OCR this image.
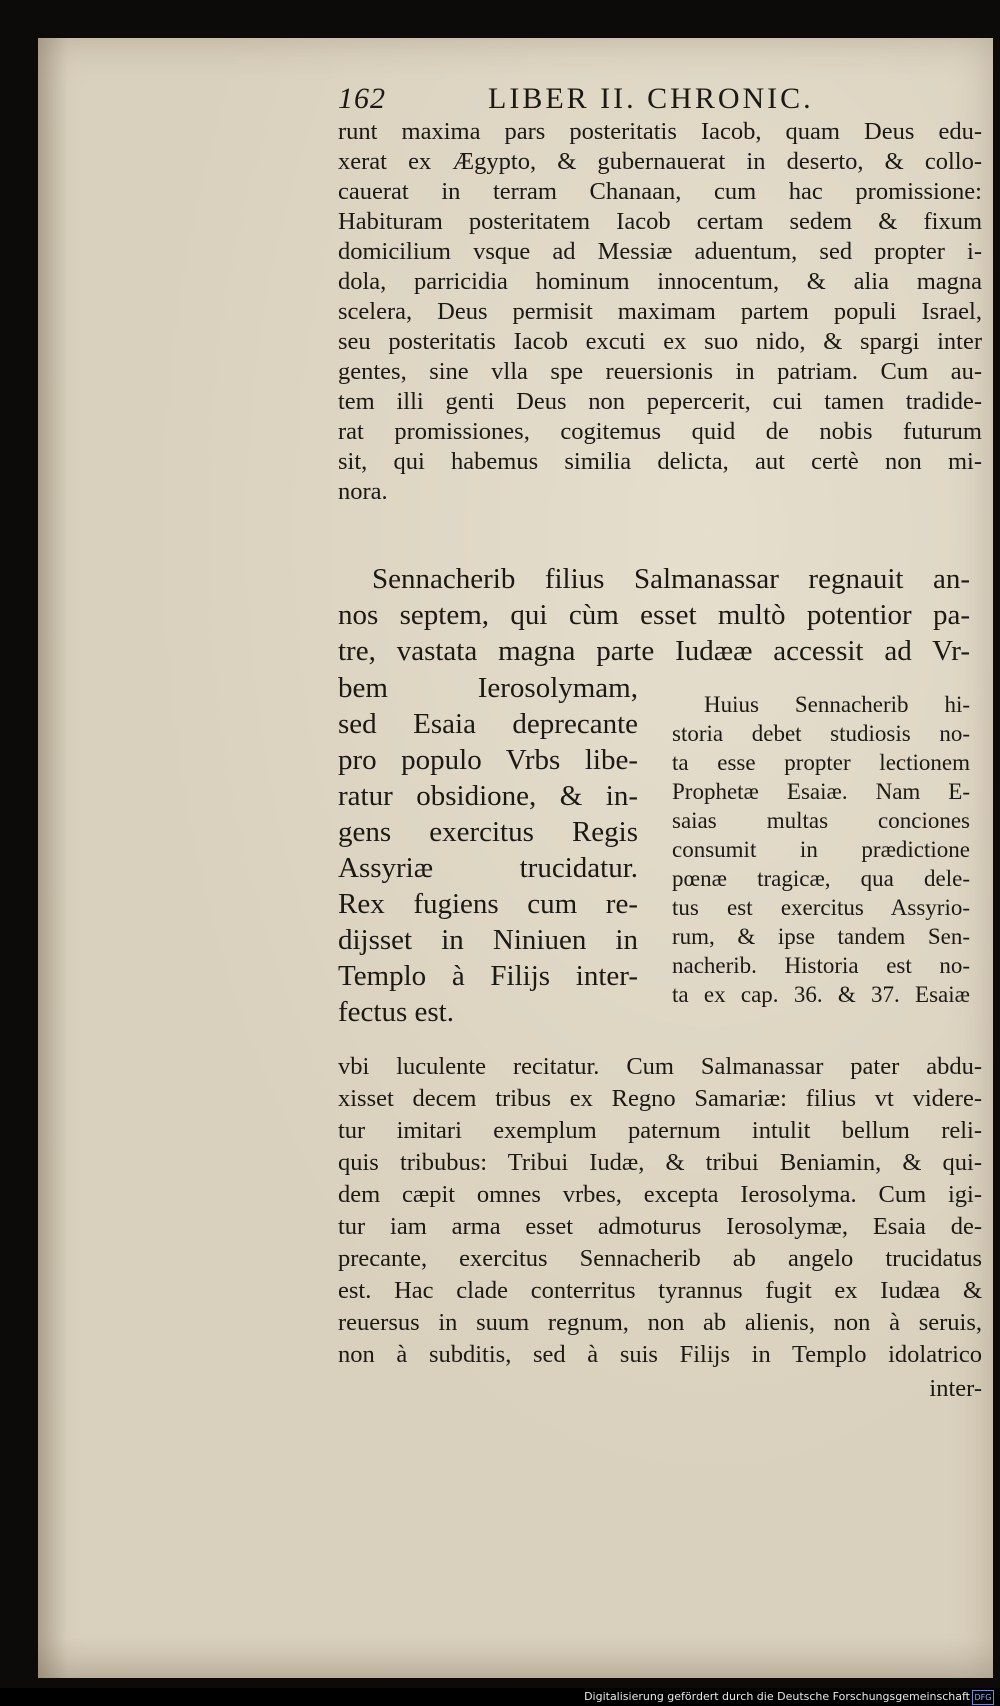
162	LIBER II. CHRONIC.
runt maxima pars posteritatis Iacob, quam Deus edu-
xerat ex Ægypto, & gubernauerat in deserto, & collo-
cauerat in terram Chanaan, cum hac promissione:
Habituram posteritatem Iacob certam sedem & fixum
domicilium vsque ad Messiæ aduentum, sed propter i-
dola, parricidia hominum innocentum, & alia magna
scelera, Deus permisit maximam partem populi Israel,
seu posteritatis Iacob excuti ex suo nido, & spargi inter
gentes, sine vlla spe reuersionis in patriam. Cum au-
tem illi genti Deus non pepercerit, cui tamen tradide-
rat promissiones, cogitemus quid de nobis futurum
sit, qui habemus similia delicta, aut certè non mi-
nora.
Sennacherib filius Salmanassar regnauit an-
nos septem, qui cùm esset multò potentior pa-
tre, vastata magna parte Iudææ accessit ad Vr-
bem Ierosolymam,
sed Esaia deprecante
pro populo Vrbs libe-
ratur obsidione, & in-
gens exercitus Regis
Assyriæ trucidatur.
Rex fugiens cum re-
dijsset in Niniuen in
Templo à Filijs inter-
fectus est.
Huius Sennacherib hi-
storia debet studiosis no-
ta esse propter lectionem
Prophetæ Esaiæ. Nam E-
saias multas conciones
consumit in prædictione
pœnæ tragicæ, qua dele-
tus est exercitus Assyrio-
rum, & ipse tandem Sen-
nacherib. Historia est no-
ta ex cap. 36. & 37. Esaiæ
vbi luculente recitatur. Cum Salmanassar pater abdu-
xisset decem tribus ex Regno Samariæ: filius vt videre-
tur imitari exemplum paternum intulit bellum reli-
quis tribubus: Tribui Iudæ, & tribui Beniamin, & qui-
dem cæpit omnes vrbes, excepta Ierosolyma. Cum igi-
tur iam arma esset admoturus Ierosolymæ, Esaia de-
precante, exercitus Sennacherib ab angelo trucidatus
est. Hac clade conterritus tyrannus fugit ex Iudæa &
reuersus in suum regnum, non ab alienis, non à seruis,
non à subditis, sed à suis Filijs in Templo idolatrico
inter-
Digitalisierung gefördert durch die Deutsche Forschungsgemeinschaft DFG
